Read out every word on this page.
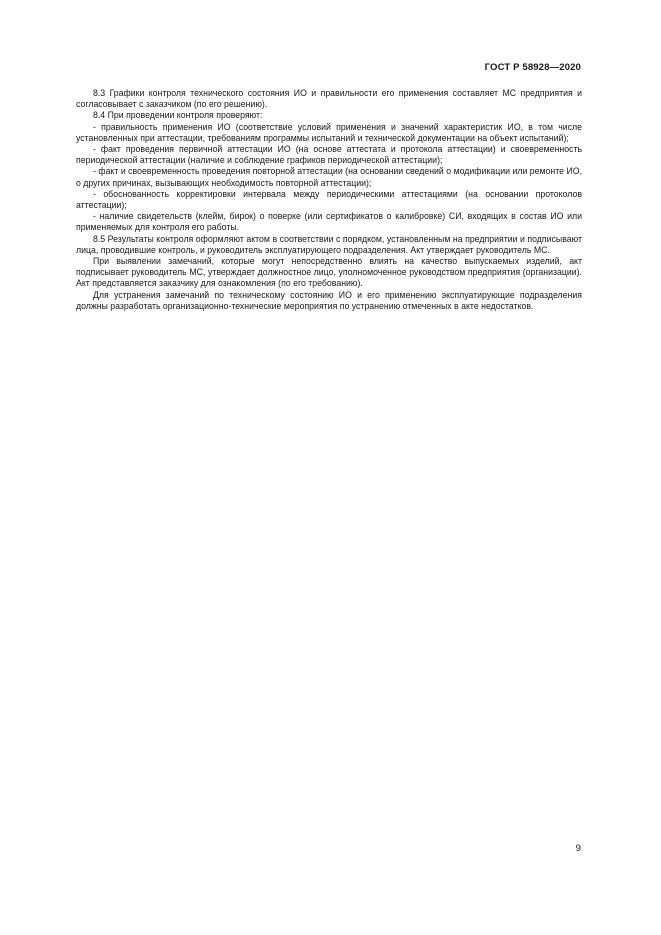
ГОСТ Р 58928—2020

8.3 Графики контроля технического состояния ИО и правильности его применения составляет МС предприятия и согласовывает с заказчиком (по его решению).

8.4 При проведении контроля проверяют:

- правильность применения ИО (соответствие условий применения и значений характеристик ИО, в том числе установленных при аттестации, требованиям программы испытаний и технической документации на объект испытаний);

- факт проведения первичной аттестации ИО (на основе аттестата и протокола аттестации) и своевременность периодической аттестации (наличие и соблюдение графиков периодической аттестации);

- факт и своевременность проведения повторной аттестации (на основании сведений о модификации или ремонте ИО, о других причинах, вызывающих необходимость повторной аттестации);

- обоснованность корректировки интервала между периодическими аттестациями (на основании протоколов аттестации);

- наличие свидетельств (клейм, бирок) о поверке (или сертификатов о калибровке) СИ, входящих в состав ИО или применяемых для контроля его работы.

8.5 Результаты контроля оформляют актом в соответствии с порядком, установленным на предприятии и подписывают лица, проводившие контроль, и руководитель эксплуатирующего подразделения. Акт утверждает руководитель МС.

При выявлении замечаний, которые могут непосредственно влиять на качество выпускаемых изделий, акт подписывает руководитель МС, утверждает должностное лицо, уполномоченное руководством предприятия (организации). Акт представляется заказчику для ознакомления (по его требованию).

Для устранения замечаний по техническому состоянию ИО и его применению эксплуатирующие подразделения должны разработать организационно-технические мероприятия по устранению отмеченных в акте недостатков.

9
